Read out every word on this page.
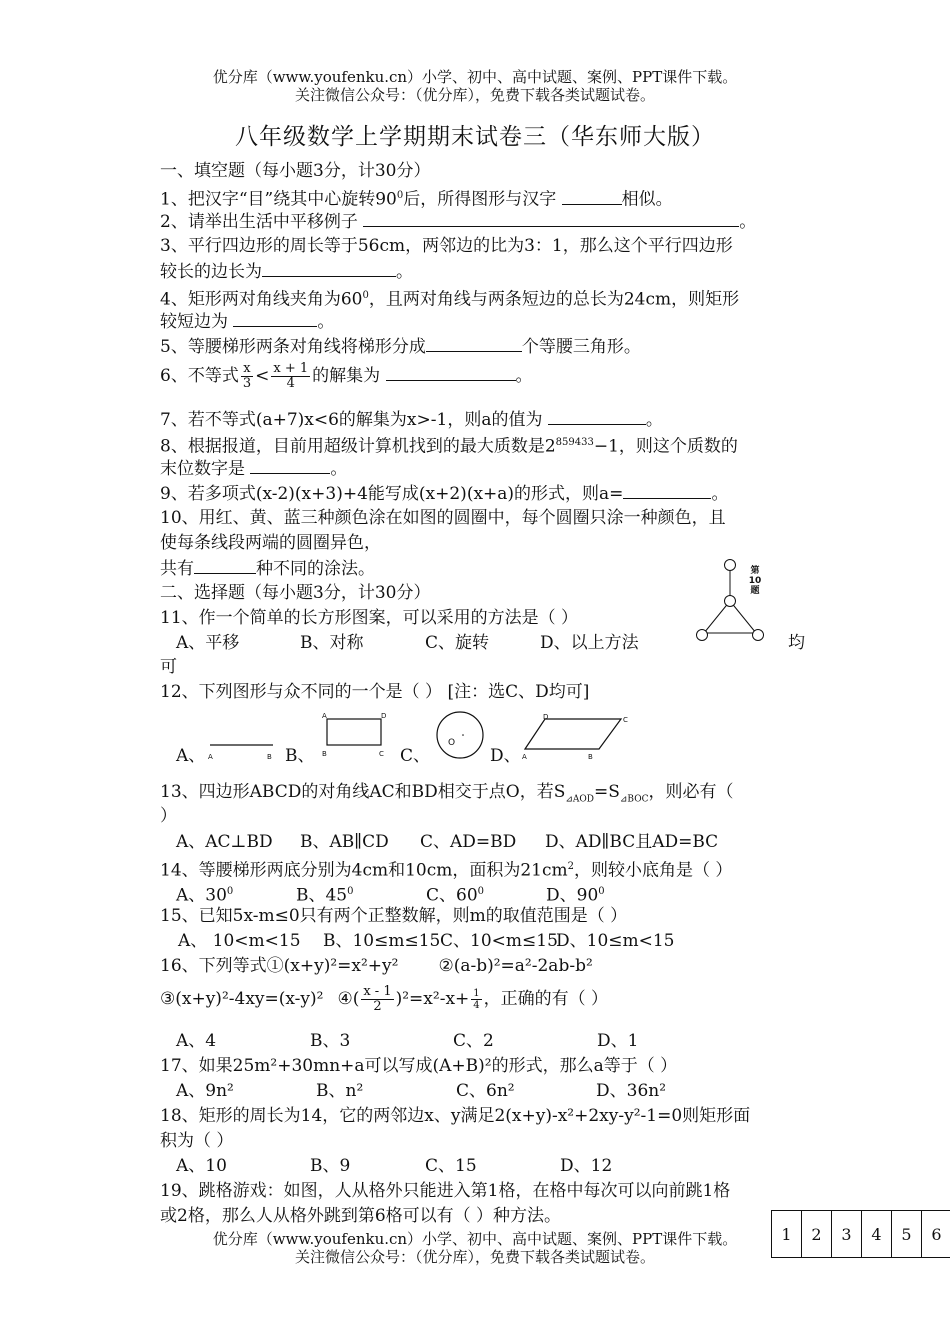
优分库（www.youfenku.cn）小学、初中、高中试题、案例、PPT课件下载。
关注微信公众号：（优分库），免费下载各类试题试卷。
八年级数学上学期期末试卷三（华东师大版）
一、填空题（每小题3分，计30分）
1、把汉字“目”绕其中心旋转$90^0$后，所得图形与汉字	相似。
2、请举出生活中平移例子	。
3、平行四边形的周长等于56cm，两邻边的比为3：1，那么这个平行四边形
较长的边长为	。
4、矩形两对角线夹角为$60^0$，且两对角线与两条短边的总长为24cm，则矩形
较短边为	。
5、等腰梯形两条对角线将梯形分成	个等腰三角形。
6、不等式 $\frac{x}{3} < \frac{x + 1}{4}$ 的解集为	。
7、若不等式(a+7)x<6的解集为x>-1，则a的值为	。
8、根据报道，目前用超级计算机找到的最大质数是$2^{859433}-1$，则这个质数的
末位数字是	。
9、若多项式(x-2)(x+3)+4能写成(x+2)(x+a)的形式，则a=	。
10、用红、黄、蓝三种颜色涂在如图的圆圈中，每个圆圈只涂一种颜色，且
使每条线段两端的圆圈异色，
共有	种不同的涂法。	第
10
题
二、选择题（每小题3分，计30分）
11、作一个简单的长方形图案，可以采用的方法是（ ）
A、平移	B、对称	C、旋转	D、以上方法	均
可
12、下列图形与众不同的一个是（ ） [注：选C、D均可]
A、	B、	C、	D、
A	B
A	D
B	C
O
D	C
A	B
13、四边形ABCD的对角线AC和BD相交于点O，若$S_{⊿AOD}=S_{⊿BOC}$，则必有（
）
A、AC⊥BD B、AB∥CD C、AD=BD D、AD∥BC且AD=BC
14、等腰梯形两底分别为4cm和10cm，面积为$21cm^2$，则较小底角是（ ）
A、$30^0$	B、$45^0$	C、$60^0$	D、$90^0$
15、已知5x-m≤0只有两个正整数解，则m的取值范围是（ ）
A、 10<m<15 B、10≤m≤15 C、10<m≤15
D、10≤m<15
16、下列等式①(x+y)²=x²+y² ②(a-b)²=a²-2ab-b²
③(x+y)²-4xy=(x-y)² ④( $\frac{x - 1}{2} )^2=x^2-x+ \frac{1}{4}$ ，正确的有（ ）
A、4	B、3	C、2	D、1
17、如果25m²+30mn+a可以写成(A+B)²的形式，那么a等于（ ）
A、9n²	B、n²	C、6n²	D、36n²
18、矩形的周长为14，它的两邻边x、y满足2(x+y)-x²+2xy-y²-1=0则矩形面
积为（ ）
A、10	B、9	C、15	D、12
19、跳格游戏：如图，人从格外只能进入第1格，在格中每次可以向前跳1格
或2格，那么人从格外跳到第6格可以有（ ）种方法。
1	2	3	4	5	6
优分库（www.youfenku.cn）小学、初中、高中试题、案例、PPT课件下载。
关注微信公众号：（优分库），免费下载各类试题试卷。
